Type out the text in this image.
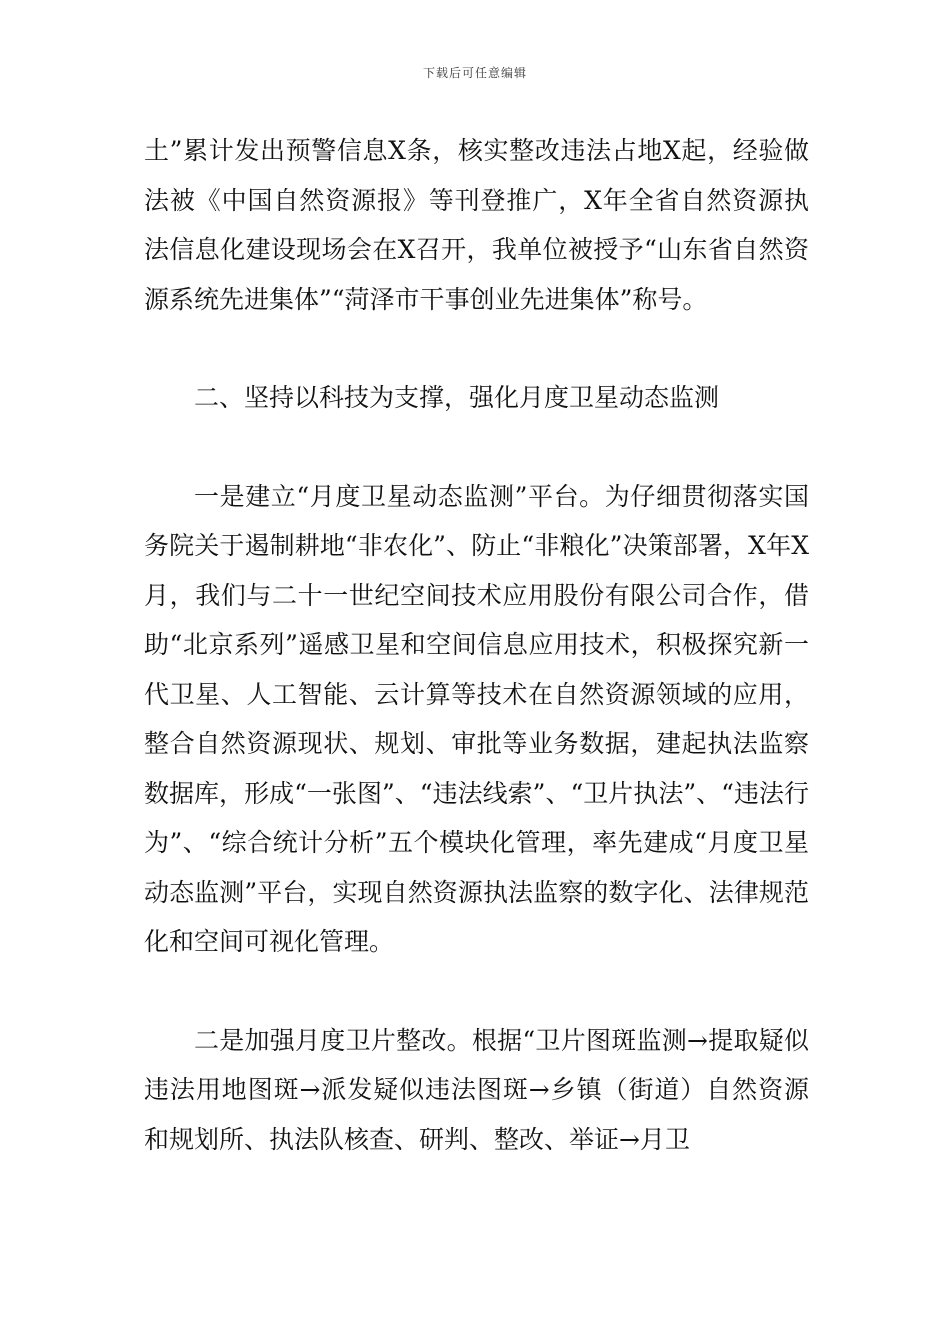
下载后可任意编辑

土”累计发出预警信息X条，核实整改违法占地X起，经验做法被《中国自然资源报》等刊登推广，X年全省自然资源执法信息化建设现场会在X召开，我单位被授予“山东省自然资源系统先进集体”“菏泽市干事创业先进集体”称号。

二、坚持以科技为支撑，强化月度卫星动态监测

一是建立“月度卫星动态监测”平台。为仔细贯彻落实国务院关于遏制耕地“非农化”、防止“非粮化”决策部署，X年X月，我们与二十一世纪空间技术应用股份有限公司合作，借助“北京系列”遥感卫星和空间信息应用技术，积极探究新一代卫星、人工智能、云计算等技术在自然资源领域的应用，整合自然资源现状、规划、审批等业务数据，建起执法监察数据库，形成“一张图”、“违法线索”、“卫片执法”、“违法行为”、“综合统计分析”五个模块化管理，率先建成“月度卫星动态监测”平台，实现自然资源执法监察的数字化、法律规范化和空间可视化管理。

二是加强月度卫片整改。根据“卫片图斑监测→提取疑似违法用地图斑→派发疑似违法图斑→乡镇（街道）自然资源和规划所、执法队核查、研判、整改、举证→月卫
